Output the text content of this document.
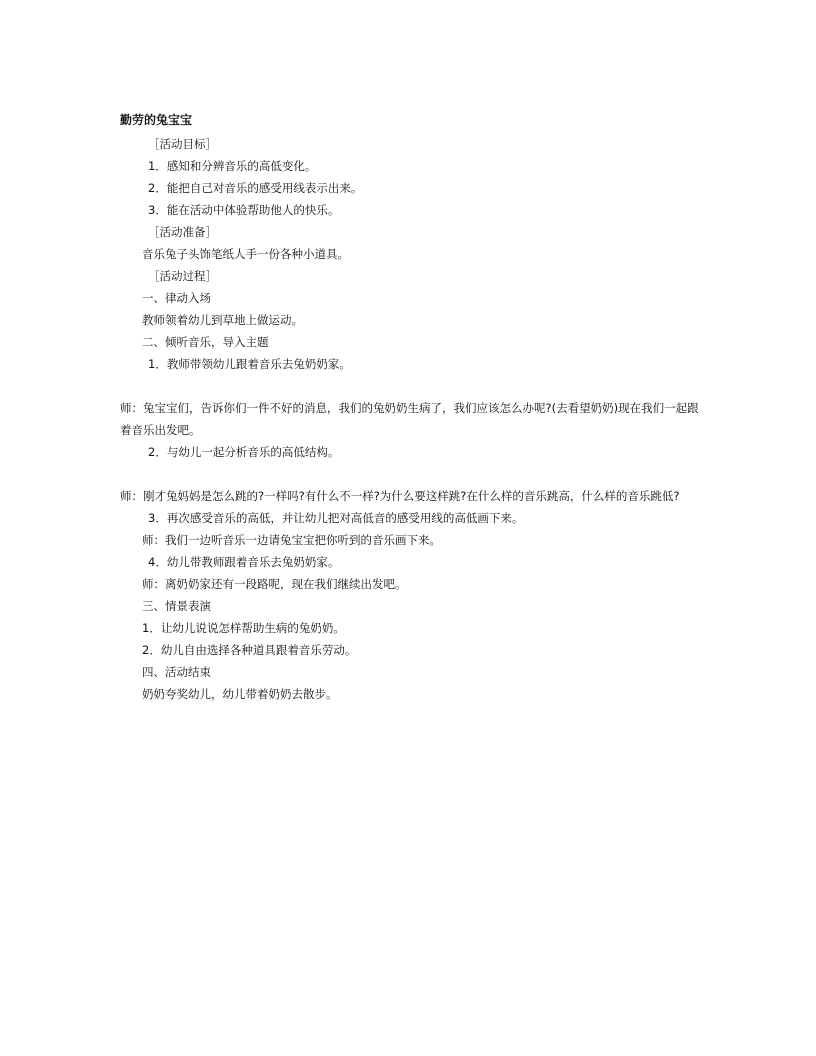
勤劳的兔宝宝
［活动目标］
1．感知和分辨音乐的高低变化。
2．能把自己对音乐的感受用线表示出来。
3．能在活动中体验帮助他人的快乐。
［活动准备］
音乐兔子头饰笔纸人手一份各种小道具。
［活动过程］
一、律动入场
教师领着幼儿到草地上做运动。
二、倾听音乐，导入主题
1．教师带领幼儿跟着音乐去兔奶奶家。
师：兔宝宝们，告诉你们一件不好的消息，我们的兔奶奶生病了，我们应该怎么办呢?(去看望奶奶)现在我们一起跟着音乐出发吧。
2．与幼儿一起分析音乐的高低结构。
师：刚才兔妈妈是怎么跳的?一样吗?有什么不一样?为什么要这样跳?在什么样的音乐跳高，什么样的音乐跳低?
3．再次感受音乐的高低，并让幼儿把对高低音的感受用线的高低画下来。
师：我们一边听音乐一边请兔宝宝把你听到的音乐画下来。
4．幼儿带教师跟着音乐去兔奶奶家。
师：离奶奶家还有一段路呢，现在我们继续出发吧。
三、情景表演
1．让幼儿说说怎样帮助生病的兔奶奶。
2．幼儿自由选择各种道具跟着音乐劳动。
四、活动结束
奶奶夸奖幼儿，幼儿带着奶奶去散步。
